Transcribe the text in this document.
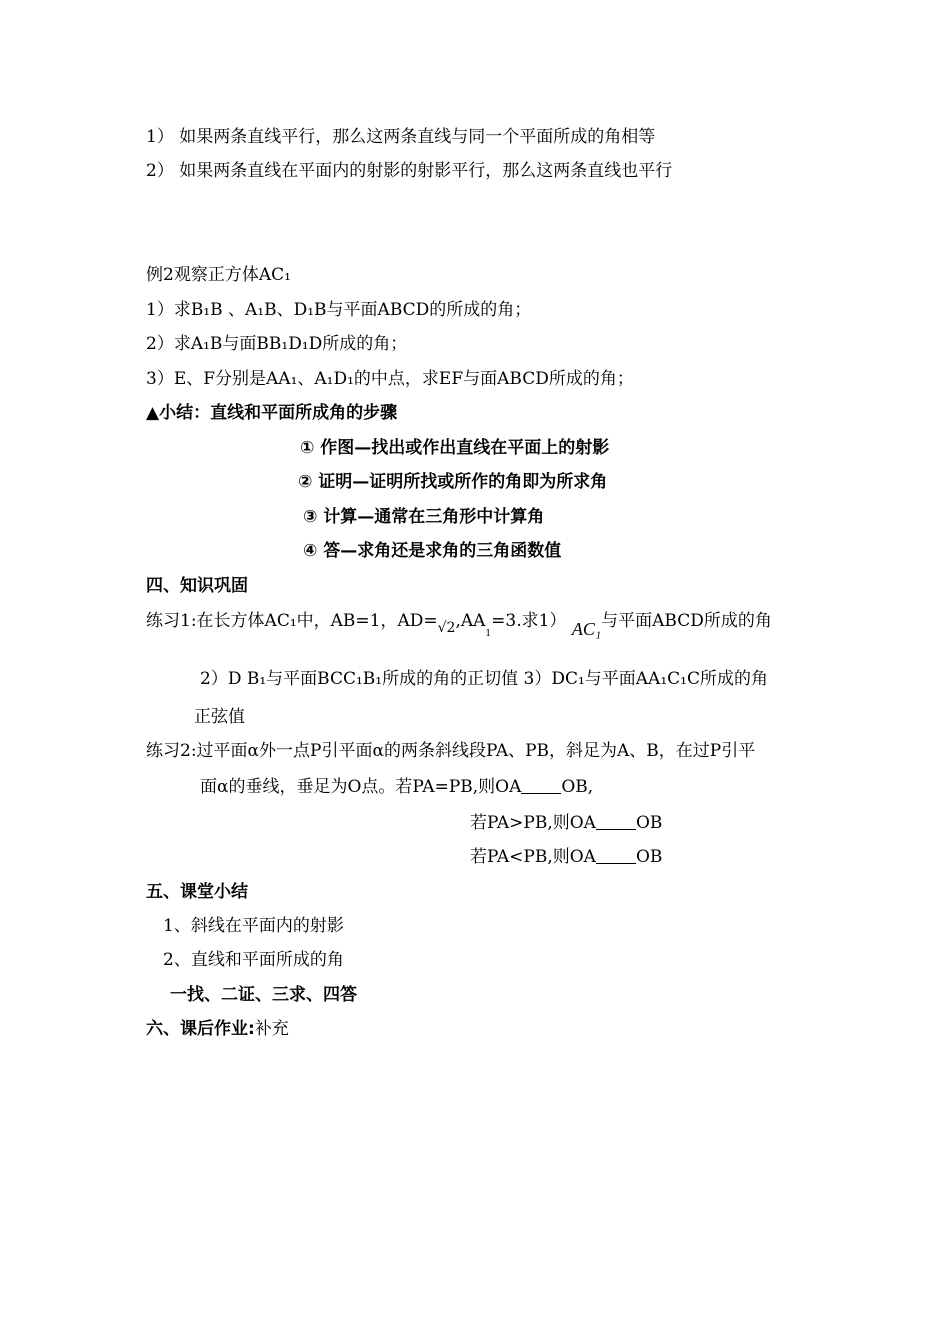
1） 如果两条直线平行，那么这两条直线与同一个平面所成的角相等
2） 如果两条直线在平面内的射影的射影平行，那么这两条直线也平行
例2观察正方体AC₁
1）求B₁B 、A₁B、D₁B与平面ABCD的所成的角；
2）求A₁B与面BB₁D₁D所成的角；
3）E、F分别是AA₁、A₁D₁的中点，求EF与面ABCD所成的角；
▲小结：直线和平面所成角的步骤
① 作图—找出或作出直线在平面上的射影
② 证明—证明所找或所作的角即为所求角
③ 计算—通常在三角形中计算角
④ 答—求角还是求角的三角函数值
四、知识巩固
练习1:在长方体AC₁中，AB=1，$AD=_{√2},AA_1=3$.求1） AC₁与平面ABCD所成的角
2）D B₁与平面BCC₁B₁所成的角的正切值 3）DC₁与平面AA₁C₁C所成的角
正弦值
练习2:过平面α外一点P引平面α的两条斜线段PA、PB，斜足为A、B，在过P引平
面α的垂线，垂足为O点。若PA=PB,则OA OB,
若PA>PB,则OA OB
若PA<PB,则OA OB
五、课堂小结
1、斜线在平面内的射影
2、直线和平面所成的角
一找、二证、三求、四答
六、课后作业:补充
